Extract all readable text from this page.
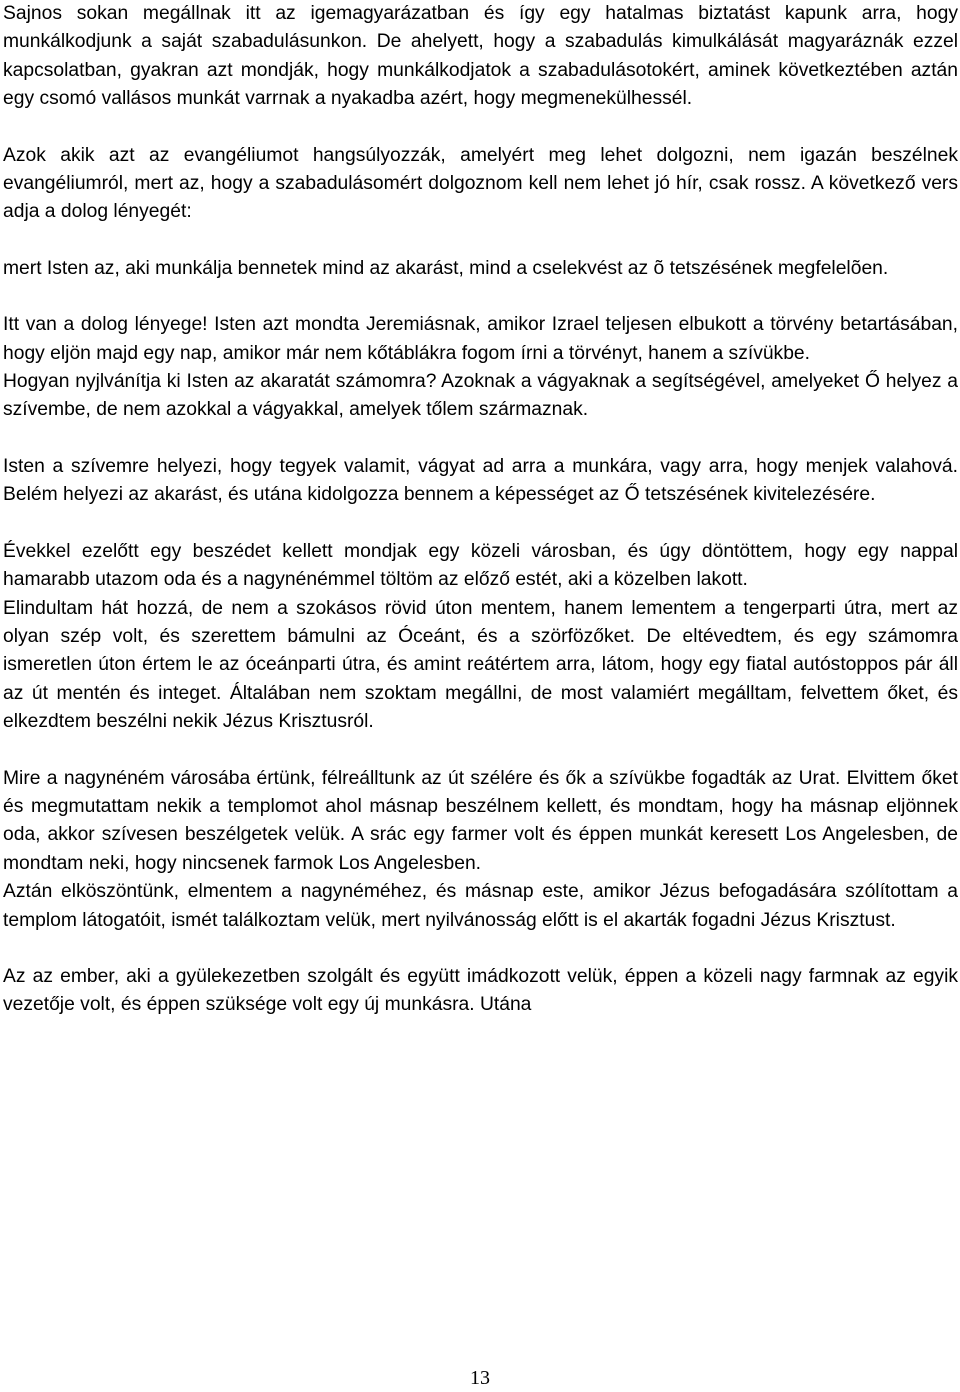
Sajnos sokan megállnak itt az igemagyarázatban és így egy hatalmas biztatást kapunk arra, hogy munkálkodjunk a saját szabadulásunkon. De ahelyett, hogy a szabadulás kimulkálását magyaráznák ezzel kapcsolatban, gyakran azt mondják, hogy munkálkodjatok a szabadulásotokért, aminek következtében aztán egy csomó vallásos munkát varrnak a nyakadba azért, hogy megmenekülhessél.

Azok akik azt az evangéliumot hangsúlyozzák, amelyért meg lehet dolgozni, nem igazán beszélnek evangéliumról, mert az, hogy a szabadulásomért dolgoznom kell nem lehet jó hír, csak rossz. A következő vers adja a dolog lényegét:

mert Isten az, aki munkálja bennetek mind az akarást, mind a cselekvést az õ tetszésének megfelelõen.

Itt van a dolog lényege! Isten azt mondta Jeremiásnak, amikor Izrael teljesen elbukott a törvény betartásában, hogy eljön majd egy nap, amikor már nem kőtáblákra fogom írni a törvényt, hanem a szívükbe.

Hogyan nyjlvánítja ki Isten az akaratát számomra? Azoknak a vágyaknak a segítségével, amelyeket Ő helyez a szívembe, de nem azokkal a vágyakkal, amelyek tőlem származnak.

Isten a szívemre helyezi, hogy tegyek valamit, vágyat ad arra a munkára, vagy arra, hogy menjek valahová. Belém helyezi az akarást, és utána kidolgozza bennem a képességet az Ő tetszésének kivitelezésére.

Évekkel ezelőtt egy beszédet kellett mondjak egy közeli városban, és úgy döntöttem, hogy egy nappal hamarabb utazom oda és a nagynénémmel töltöm az előző estét, aki a közelben lakott.

Elindultam hát hozzá, de nem a szokásos rövid úton mentem, hanem lementem a tengerparti útra, mert az olyan szép volt, és szerettem bámulni az Óceánt, és a szörfözőket. De eltévedtem, és egy számomra ismeretlen úton értem le az óceánparti útra, és amint reátértem arra, látom, hogy egy fiatal autóstoppos pár áll az út mentén és integet. Általában nem szoktam megállni, de most valamiért megálltam, felvettem őket, és elkezdtem beszélni nekik Jézus Krisztusról.

Mire a nagynéném városába értünk, félreálltunk az út szélére és ők a szívükbe fogadták az Urat. Elvittem őket és megmutattam nekik a templomot ahol másnap beszélnem kellett, és mondtam, hogy ha másnap eljönnek oda, akkor szívesen beszélgetek velük. A srác egy farmer volt és éppen munkát keresett Los Angelesben, de mondtam neki, hogy nincsenek farmok Los Angelesben.

Aztán elköszöntünk, elmentem a nagynéméhez, és másnap este, amikor Jézus befogadására szólítottam a templom látogatóit, ismét találkoztam velük, mert nyilvánosság előtt is el akarták fogadni Jézus Krisztust.

Az az ember, aki a gyülekezetben szolgált és együtt imádkozott velük, éppen a közeli nagy farmnak az egyik vezetője volt, és éppen szüksége volt egy új munkásra. Utána

13
